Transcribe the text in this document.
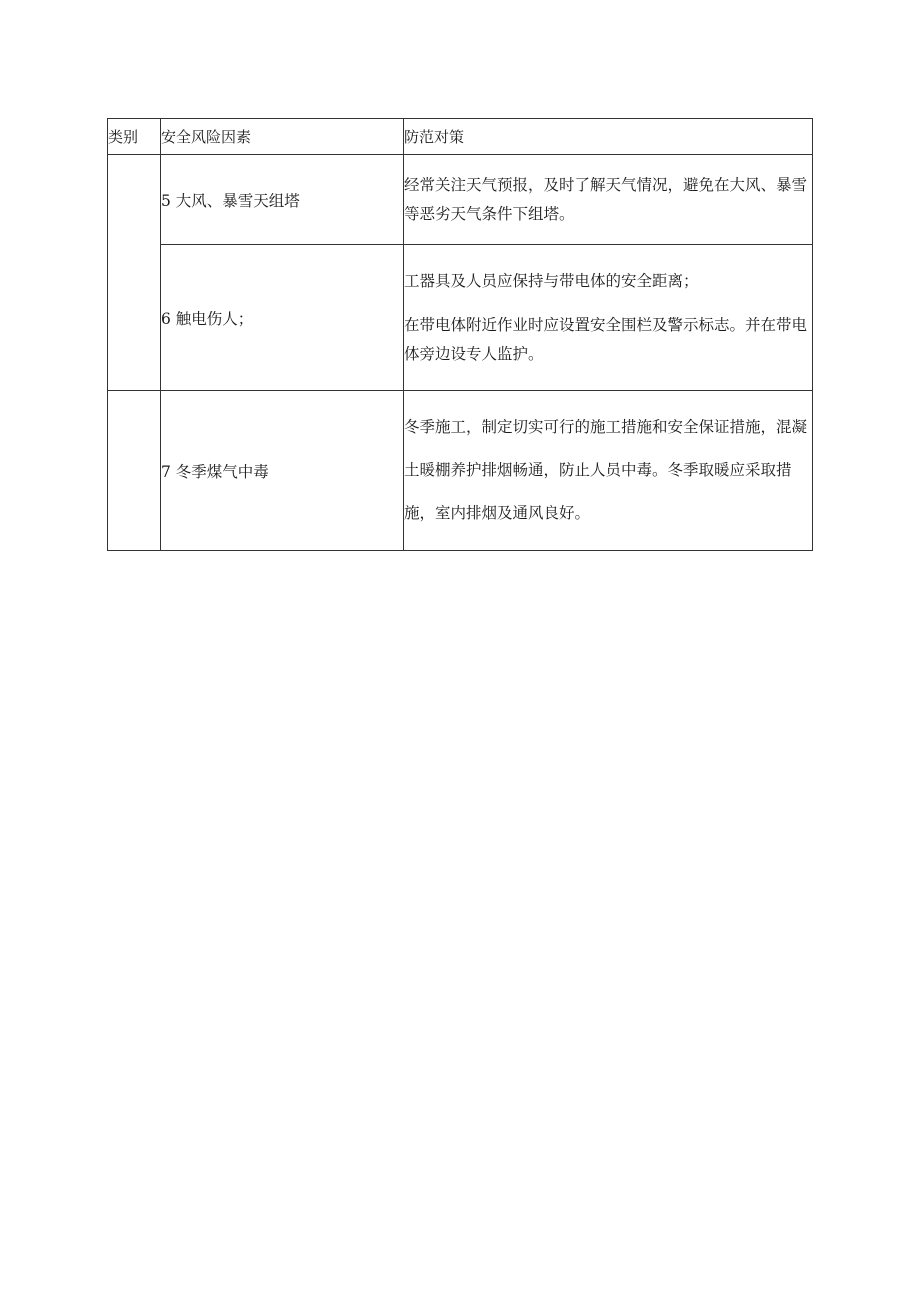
类别	安全风险因素	防范对策
	5 大风、暴雪天组塔	经常关注天气预报，及时了解天气情况，避免在大风、暴雪等恶劣天气条件下组塔。

	6 触电伤人；	工器具及人员应保持与带电体的安全距离；

在带电体附近作业时应设置安全围栏及警示标志。并在带电体旁边设专人监护。

	7 冬季煤气中毒	冬季施工，制定切实可行的施工措施和安全保证措施，混凝土暖棚养护排烟畅通，防止人员中毒。冬季取暖应采取措施，室内排烟及通风良好。
